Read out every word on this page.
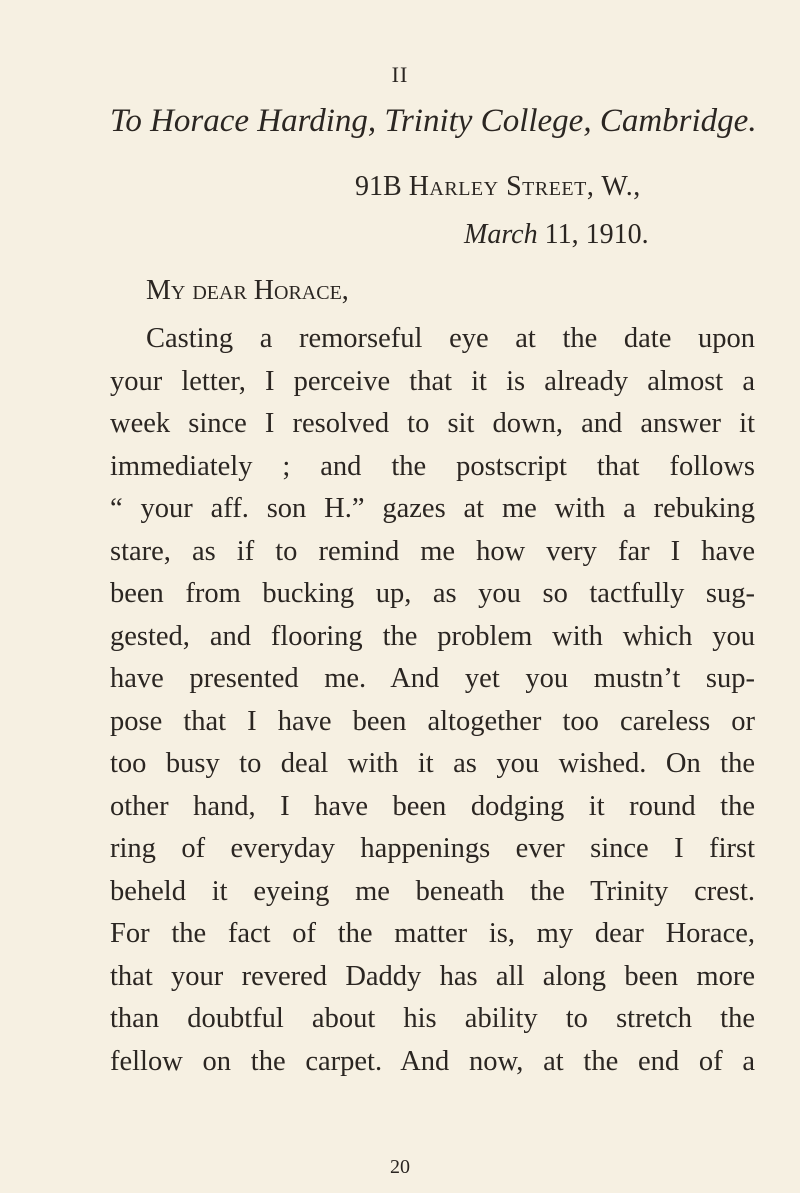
II
To Horace Harding, Trinity College, Cambridge.
91B Harley Street, W.,
March 11, 1910.
My dear Horace,
Casting a remorseful eye at the date upon
your letter, I perceive that it is already almost a
week since I resolved to sit down, and answer it
immediately ; and the postscript that follows
“ your aff. son H.” gazes at me with a rebuking
stare, as if to remind me how very far I have
been from bucking up, as you so tactfully sug-
gested, and flooring the problem with which you
have presented me. And yet you mustn’t sup-
pose that I have been altogether too careless or
too busy to deal with it as you wished. On the
other hand, I have been dodging it round the
ring of everyday happenings ever since I first
beheld it eyeing me beneath the Trinity crest.
For the fact of the matter is, my dear Horace,
that your revered Daddy has all along been more
than doubtful about his ability to stretch the
fellow on the carpet. And now, at the end of a
20
